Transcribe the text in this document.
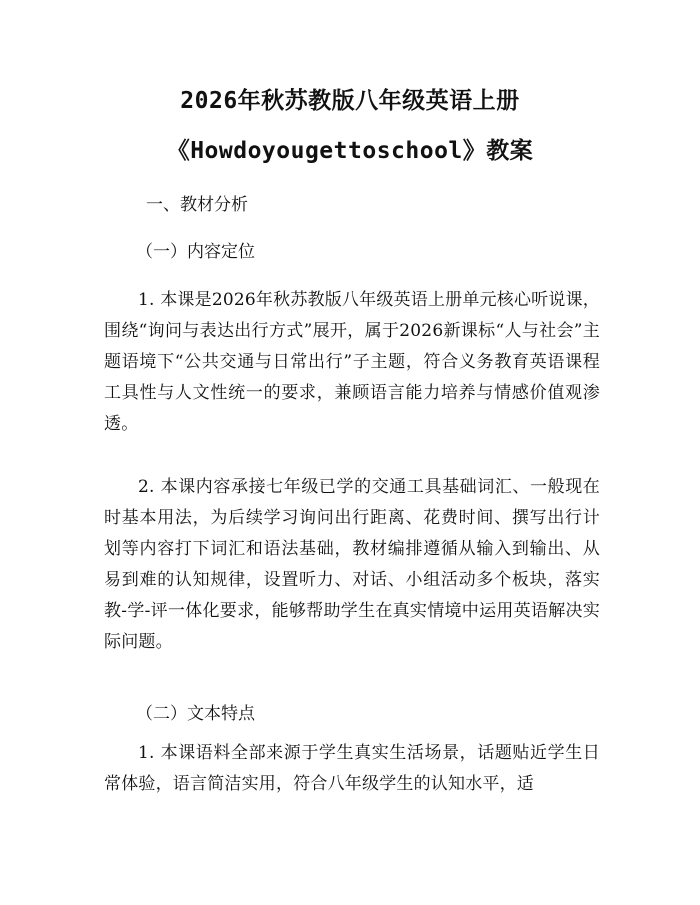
2026年秋苏教版八年级英语上册
《Howdoyougettoschool》教案
一、教材分析
（一）内容定位

1. 本课是2026年秋苏教版八年级英语上册单元核心听说课，围绕“询问与表达出行方式”展开，属于2026新课标“人与社会”主题语境下“公共交通与日常出行”子主题，符合义务教育英语课程工具性与人文性统一的要求，兼顾语言能力培养与情感价值观渗透。

2. 本课内容承接七年级已学的交通工具基础词汇、一般现在时基本用法，为后续学习询问出行距离、花费时间、撰写出行计划等内容打下词汇和语法基础，教材编排遵循从输入到输出、从易到难的认知规律，设置听力、对话、小组活动多个板块，落实教-学-评一体化要求，能够帮助学生在真实情境中运用英语解决实际问题。

（二）文本特点

1. 本课语料全部来源于学生真实生活场景，话题贴近学生日常体验，语言简洁实用，符合八年级学生的认知水平，适
